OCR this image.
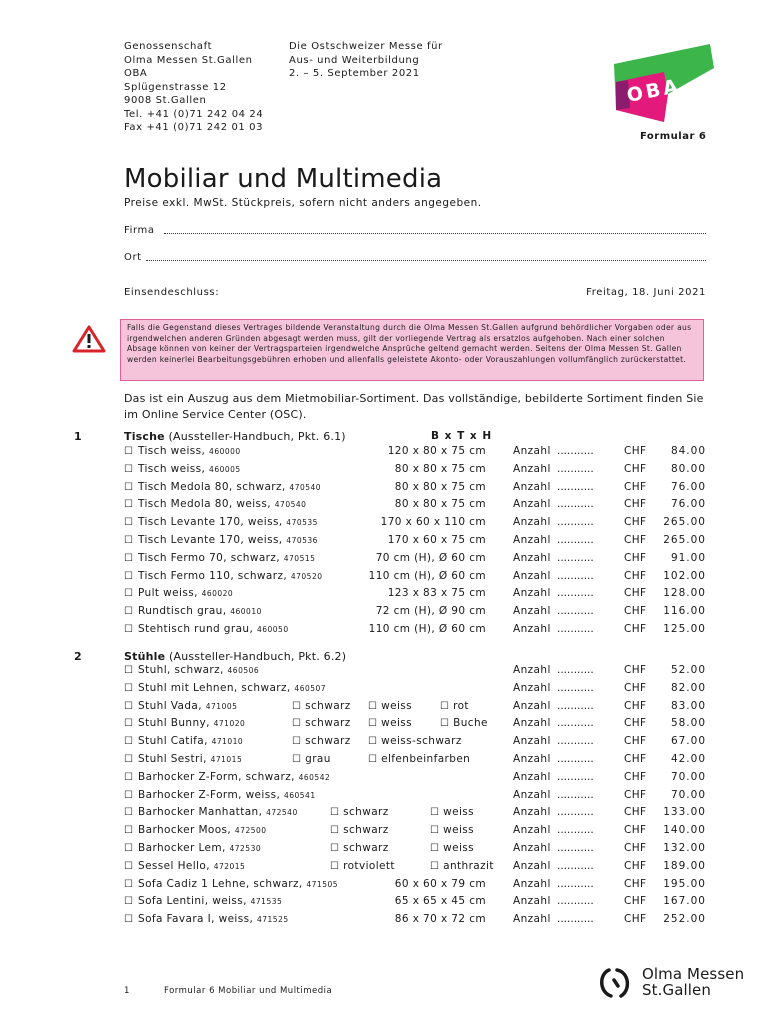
Genossenschaft
Olma Messen St.Gallen
OBA
Splügenstrasse 12
9008 St.Gallen
Tel. +41 (0)71 242 04 24
Fax +41 (0)71 242 01 03
Die Ostschweizer Messe für
Aus- und Weiterbildung
2. – 5. September 2021
OBA
Formular 6
Mobiliar und Multimedia
Preise exkl. MwSt. Stückpreis, sofern nicht anders angegeben.
Firma
Ort
Einsendeschluss:	Freitag, 18. Juni 2021
Falls die Gegenstand dieses Vertrages bildende Veranstaltung durch die Olma Messen St.Gallen aufgrund behördlicher Vorgaben oder aus irgendwelchen anderen Gründen abgesagt werden muss, gilt der vorliegende Vertrag als ersatzlos aufgehoben. Nach einer solchen Absage können von keiner der Vertragsparteien irgendwelche Ansprüche geltend gemacht werden. Seitens der Olma Messen St. Gallen werden keinerlei Bearbeitungsgebühren erhoben und allenfalls geleistete Akonto- oder Vorauszahlungen vollumfänglich zurückerstattet.
Das ist ein Auszug aus dem Mietmobiliar-Sortiment. Das vollständige, bebilderte Sortiment finden Sie im Online Service Center (OSC).
1	Tische (Aussteller-Handbuch, Pkt. 6.1)	B x T x H
☐ Tisch weiss, 460000	120 x 80 x 75 cm	Anzahl ...........	CHF 84.00
☐ Tisch weiss, 460005	80 x 80 x 75 cm	Anzahl ...........	CHF 80.00
☐ Tisch Medola 80, schwarz, 470540	80 x 80 x 75 cm	Anzahl ...........	CHF 76.00
☐ Tisch Medola 80, weiss, 470540	80 x 80 x 75 cm	Anzahl ...........	CHF 76.00
☐ Tisch Levante 170, weiss, 470535	170 x 60 x 110 cm	Anzahl ...........	CHF 265.00
☐ Tisch Levante 170, weiss, 470536	170 x 60 x 75 cm	Anzahl ...........	CHF 265.00
☐ Tisch Fermo 70, schwarz, 470515	70 cm (H), Ø 60 cm	Anzahl ...........	CHF 91.00
☐ Tisch Fermo 110, schwarz, 470520	110 cm (H), Ø 60 cm	Anzahl ...........	CHF 102.00
☐ Pult weiss, 460020	123 x 83 x 75 cm	Anzahl ...........	CHF 128.00
☐ Rundtisch grau, 460010	72 cm (H), Ø 90 cm	Anzahl ...........	CHF 116.00
☐ Stehtisch rund grau, 460050	110 cm (H), Ø 60 cm	Anzahl ...........	CHF 125.00
2	Stühle (Aussteller-Handbuch, Pkt. 6.2)
☐ Stuhl, schwarz, 460506	Anzahl ...........	CHF 52.00
☐ Stuhl mit Lehnen, schwarz, 460507	Anzahl ...........	CHF 82.00
☐ Stuhl Vada, 471005	☐ schwarz ☐ weiss	☐ rot	Anzahl ...........	CHF 83.00
☐ Stuhl Bunny, 471020	☐ schwarz ☐ weiss	☐ Buche Anzahl ...........	CHF 58.00
☐ Stuhl Catifa, 471010	☐ schwarz ☐ weiss-schwarz	Anzahl ...........	CHF 67.00
☐ Stuhl Sestri, 471015	☐ grau	☐ elfenbeinfarben	Anzahl ...........	CHF 42.00
☐ Barhocker Z-Form, schwarz, 460542	Anzahl ...........	CHF 70.00
☐ Barhocker Z-Form, weiss, 460541	Anzahl ...........	CHF 70.00
☐ Barhocker Manhattan, 472540	☐ schwarz	☐ weiss	Anzahl ...........	CHF 133.00
☐ Barhocker Moos, 472500	☐ schwarz	☐ weiss	Anzahl ...........	CHF 140.00
☐ Barhocker Lem, 472530	☐ schwarz	☐ weiss	Anzahl ...........	CHF 132.00
☐ Sessel Hello, 472015	☐ rotviolett	☐ anthrazit Anzahl ...........	CHF 189.00
☐ Sofa Cadiz 1 Lehne, schwarz, 471505	60 x 60 x 79 cm	Anzahl ...........	CHF 195.00
☐ Sofa Lentini, weiss, 471535	65 x 65 x 45 cm	Anzahl ...........	CHF 167.00
☐ Sofa Favara I, weiss, 471525	86 x 70 x 72 cm	Anzahl ...........	CHF 252.00
1	Formular 6 Mobiliar und Multimedia
Olma Messen
St.Gallen
